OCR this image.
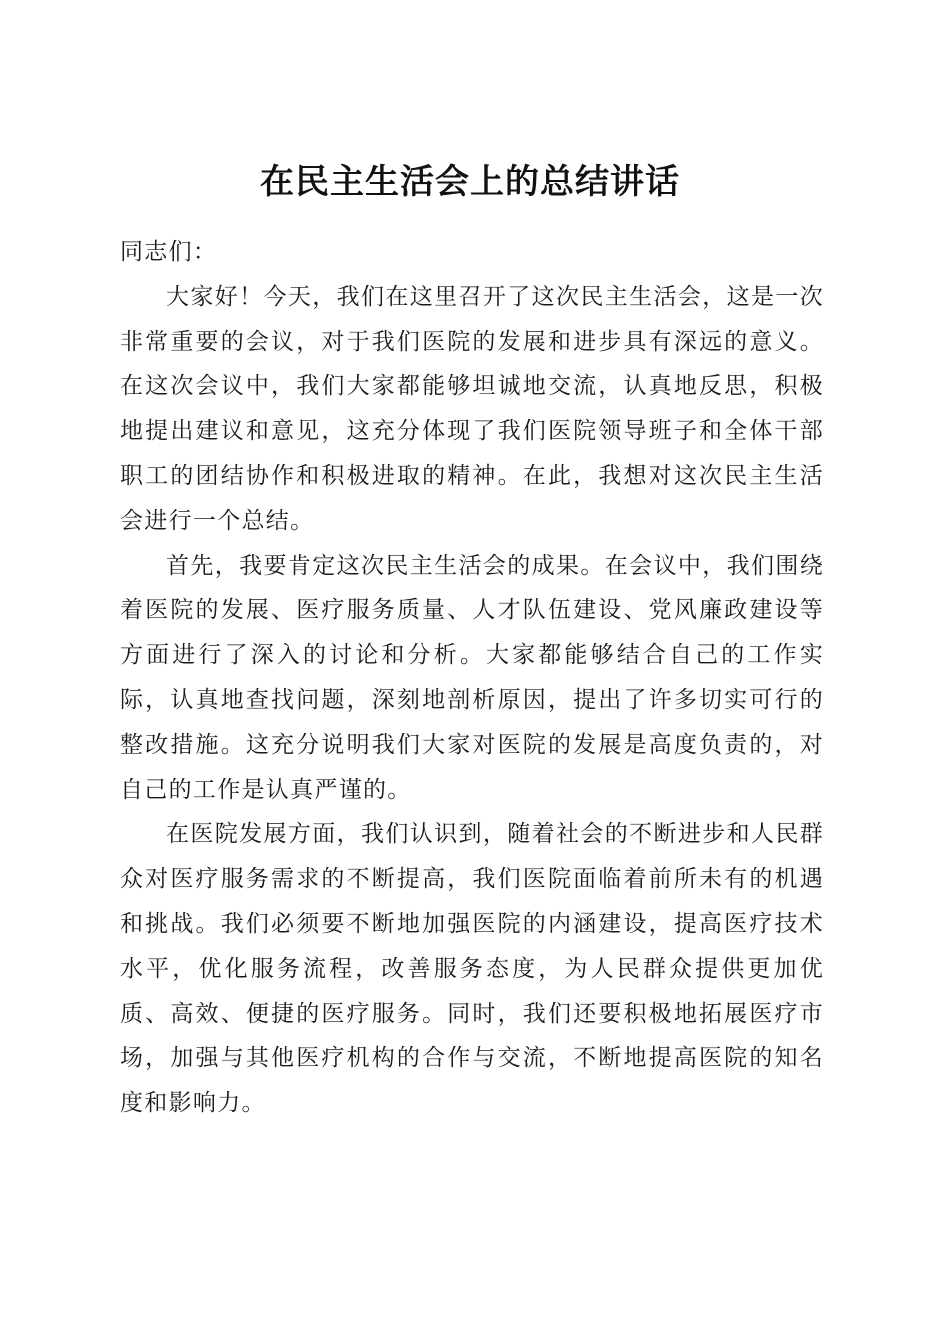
在民主生活会上的总结讲话

同志们：

大家好！今天，我们在这里召开了这次民主生活会，这是一次非常重要的会议，对于我们医院的发展和进步具有深远的意义。在这次会议中，我们大家都能够坦诚地交流，认真地反思，积极地提出建议和意见，这充分体现了我们医院领导班子和全体干部职工的团结协作和积极进取的精神。在此，我想对这次民主生活会进行一个总结。

首先，我要肯定这次民主生活会的成果。在会议中，我们围绕着医院的发展、医疗服务质量、人才队伍建设、党风廉政建设等方面进行了深入的讨论和分析。大家都能够结合自己的工作实际，认真地查找问题，深刻地剖析原因，提出了许多切实可行的整改措施。这充分说明我们大家对医院的发展是高度负责的，对自己的工作是认真严谨的。

在医院发展方面，我们认识到，随着社会的不断进步和人民群众对医疗服务需求的不断提高，我们医院面临着前所未有的机遇和挑战。我们必须要不断地加强医院的内涵建设，提高医疗技术水平，优化服务流程，改善服务态度，为人民群众提供更加优质、高效、便捷的医疗服务。同时，我们还要积极地拓展医疗市场，加强与其他医疗机构的合作与交流，不断地提高医院的知名度和影响力。
